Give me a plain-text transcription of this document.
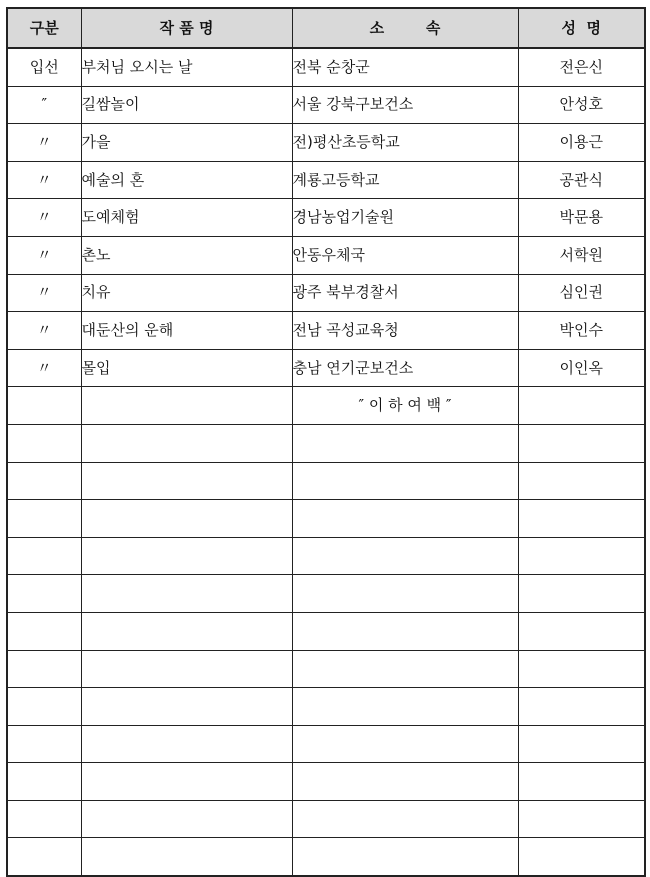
구분	작 품 명	소        속	성  명
입선	부처님 오시는 날	전북 순창군	전은신
″	길쌈놀이	서울 강북구보건소	안성호
〃	가을	전)평산초등학교	이용근
〃	예술의 혼	계룡고등학교	공관식
〃	도예체험	경남농업기술원	박문용
〃	촌노	안동우체국	서학원
〃	치유	광주 북부경찰서	심인권
〃	대둔산의 운해	전남 곡성교육청	박인수
〃	몰입	충남 연기군보건소	이인옥
		″ 이 하 여 백 ″	
